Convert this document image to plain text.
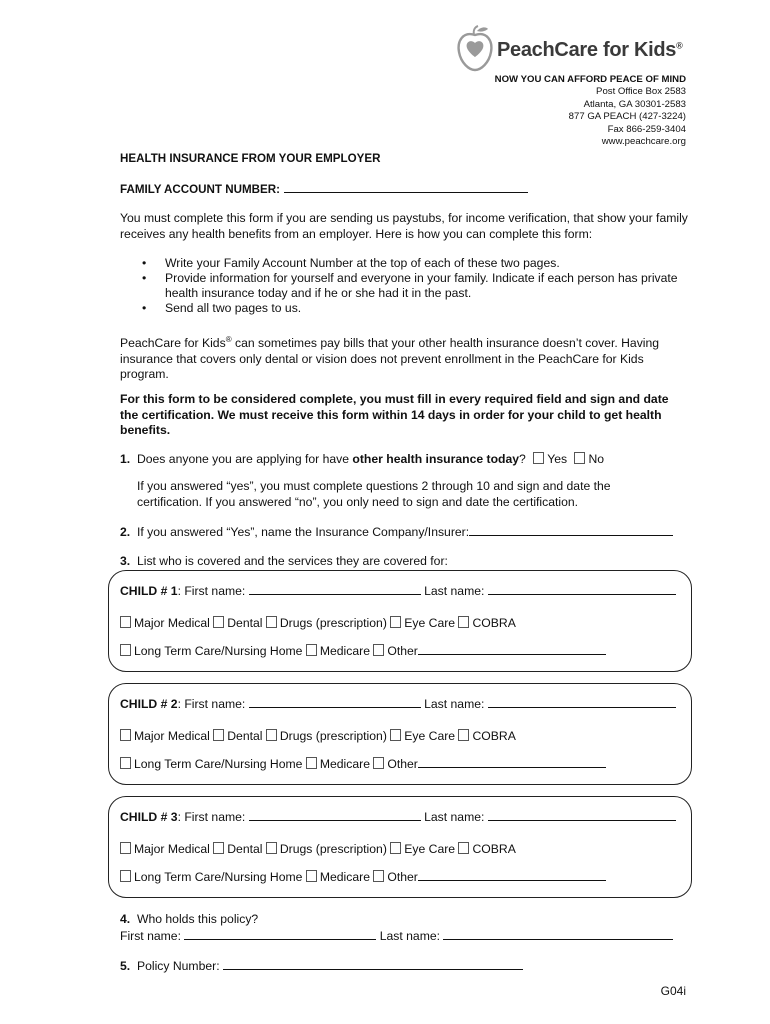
PeachCare for Kids®
NOW YOU CAN AFFORD PEACE OF MIND
Post Office Box 2583
Atlanta, GA 30301-2583
877 GA PEACH (427-3224)
Fax 866-259-3404
www.peachcare.org
HEALTH INSURANCE FROM YOUR EMPLOYER
FAMILY ACCOUNT NUMBER:
You must complete this form if you are sending us paystubs, for income verification, that show your family receives any health benefits from an employer. Here is how you can complete this form:
• Write your Family Account Number at the top of each of these two pages.
• Provide information for yourself and everyone in your family. Indicate if each person has private health insurance today and if he or she had it in the past.
• Send all two pages to us.
PeachCare for Kids® can sometimes pay bills that your other health insurance doesn’t cover. Having insurance that covers only dental or vision does not prevent enrollment in the PeachCare for Kids program.
For this form to be considered complete, you must fill in every required field and sign and date the certification. We must receive this form within 14 days in order for your child to get health benefits.
1. Does anyone you are applying for have other health insurance today? Yes No
If you answered “yes”, you must complete questions 2 through 10 and sign and date the certification. If you answered “no”, you only need to sign and date the certification.
2. If you answered “Yes”, name the Insurance Company/Insurer:
3. List who is covered and the services they are covered for:
CHILD # 1: First name:	Last name:
Major Medical Dental Drugs (prescription) Eye Care COBRA
Long Term Care/Nursing Home Medicare Other
CHILD # 2: First name:	Last name:
Major Medical Dental Drugs (prescription) Eye Care COBRA
Long Term Care/Nursing Home Medicare Other
CHILD # 3: First name:	Last name:
Major Medical Dental Drugs (prescription) Eye Care COBRA
Long Term Care/Nursing Home Medicare Other
4. Who holds this policy?
First name:	Last name:
5. Policy Number:
G04i
